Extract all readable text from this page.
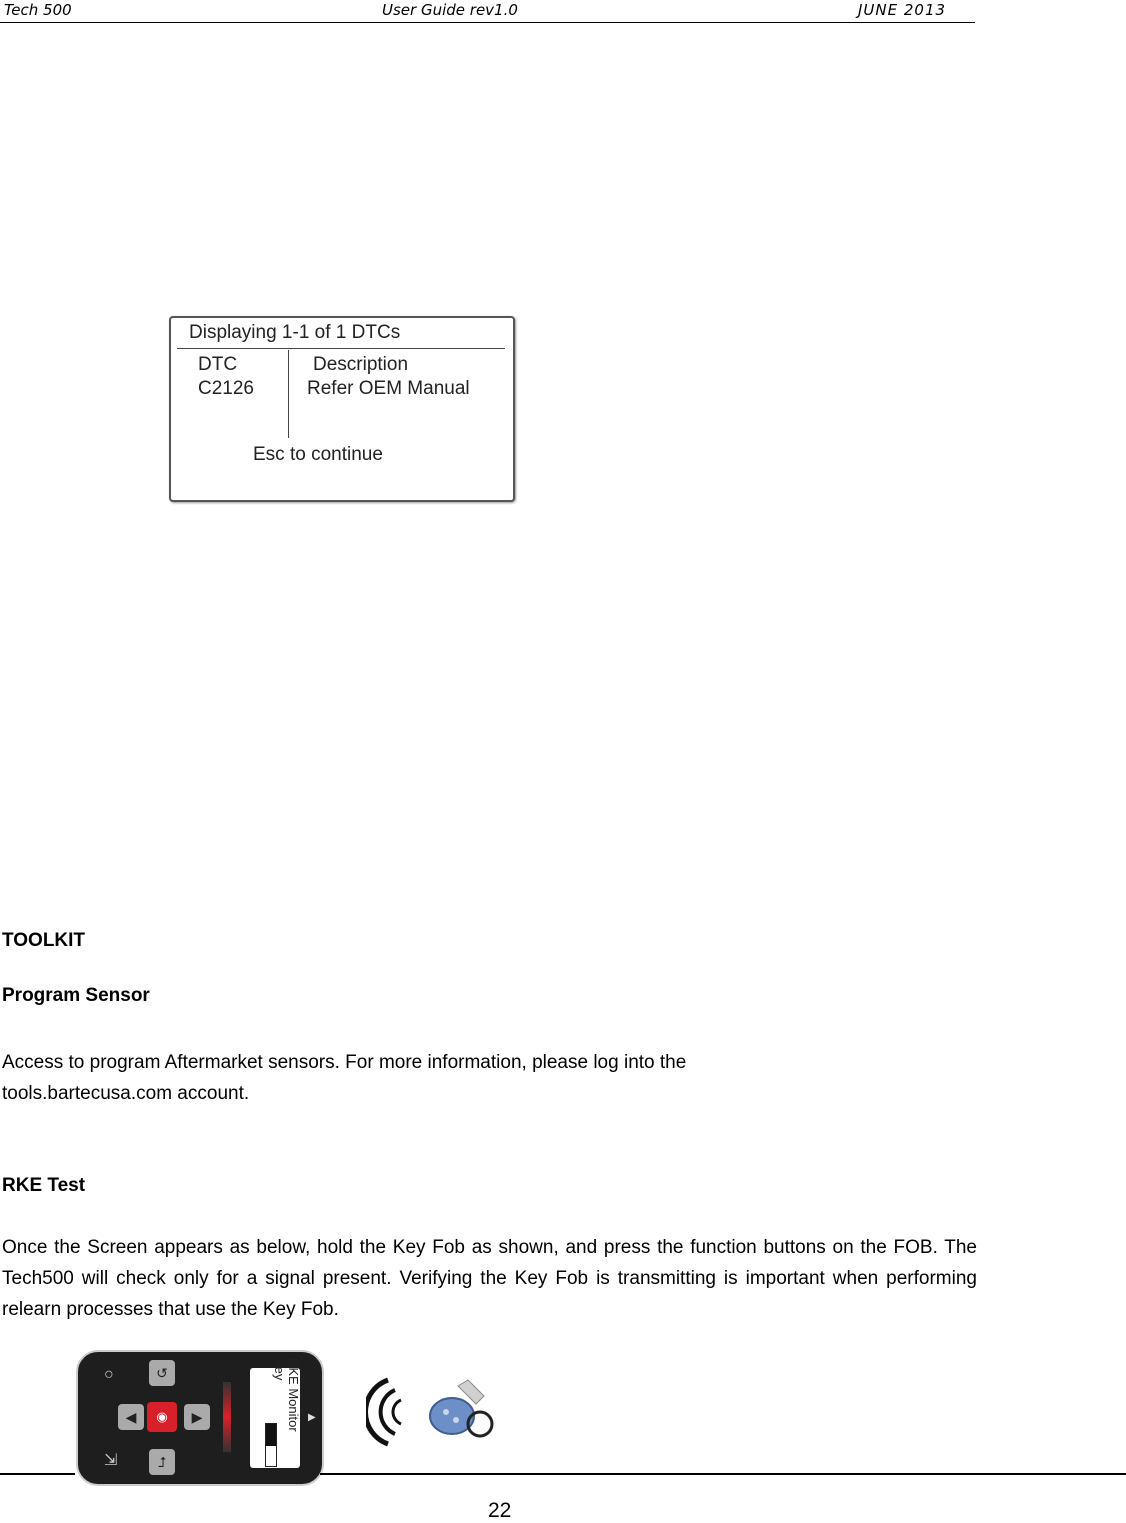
Tech 500	User Guide rev1.0	JUNE 2013
Displaying 1-1 of 1 DTCs
DTC	Description
C2126	Refer OEM Manual
Esc to continue
TOOLKIT
Program Sensor
Access to program Aftermarket sensors. For more information, please log into the
tools.bartecusa.com account.
RKE Test
Once the Screen appears as below, hold the Key Fob as shown, and press the function buttons on the FOB. The Tech500 will check only for a signal present. Verifying the Key Fob is transmitting is important when performing relearn processes that use the Key Fob.
○
⇲
↺
◀	◉	▶
⮥
RKE Monitor
Key
▶
22
